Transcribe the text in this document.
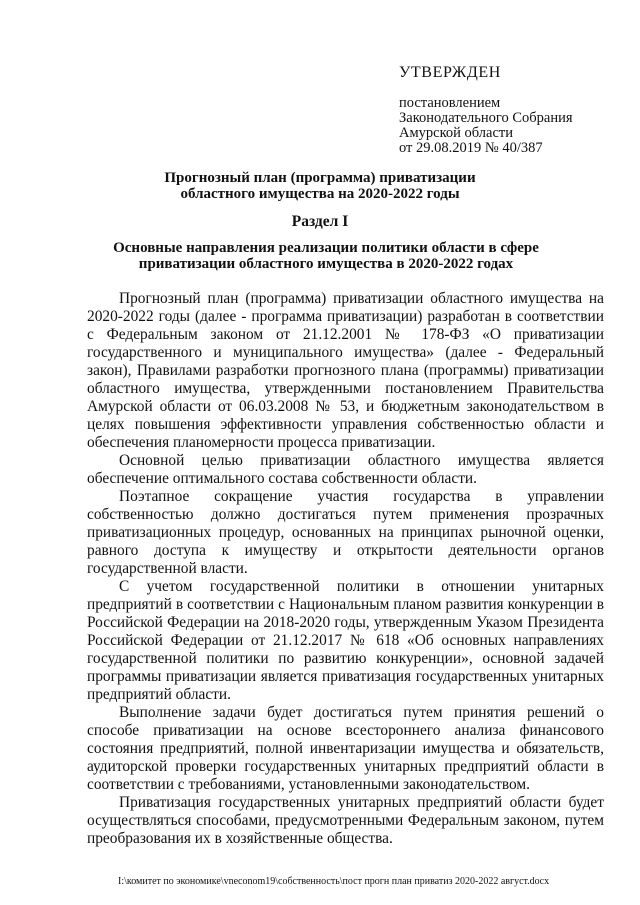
УТВЕРЖДЕН
постановлением
Законодательного Собрания
Амурской области
от 29.08.2019 № 40/387
Прогнозный план (программа) приватизации
областного имущества на 2020-2022 годы
Раздел I
Основные направления реализации политики области в сфере
приватизации областного имущества в 2020-2022 годах

Прогнозный план (программа) приватизации областного имущества на 2020-2022 годы (далее - программа приватизации) разработан в соответствии с Федеральным законом от 21.12.2001 № 178-ФЗ «О приватизации государственного и муниципального имущества» (далее - Федеральный закон), Правилами разработки прогнозного плана (программы) приватизации областного имущества, утвержденными постановлением Правительства Амурской области от 06.03.2008 № 53, и бюджетным законодательством в целях повышения эффективности управления собственностью области и обеспечения планомерности процесса приватизации.

Основной целью приватизации областного имущества является обеспечение оптимального состава собственности области.

Поэтапное сокращение участия государства в управлении собственностью должно достигаться путем применения прозрачных приватизационных процедур, основанных на принципах рыночной оценки, равного доступа к имуществу и открытости деятельности органов государственной власти.

С учетом государственной политики в отношении унитарных предприятий в соответствии с Национальным планом развития конкуренции в Российской Федерации на 2018-2020 годы, утвержденным Указом Президента Российской Федерации от 21.12.2017 № 618 «Об основных направлениях государственной политики по развитию конкуренции», основной задачей программы приватизации является приватизация государственных унитарных предприятий области.

Выполнение задачи будет достигаться путем принятия решений о способе приватизации на основе всестороннего анализа финансового состояния предприятий, полной инвентаризации имущества и обязательств, аудиторской проверки государственных унитарных предприятий области в соответствии с требованиями, установленными законодательством.

Приватизация государственных унитарных предприятий области будет осуществляться способами, предусмотренными Федеральным законом, путем преобразования их в хозяйственные общества.

I:\комитет по экономике\vneconom19\собственность\пост прогн план приватиз 2020-2022 август.docx
